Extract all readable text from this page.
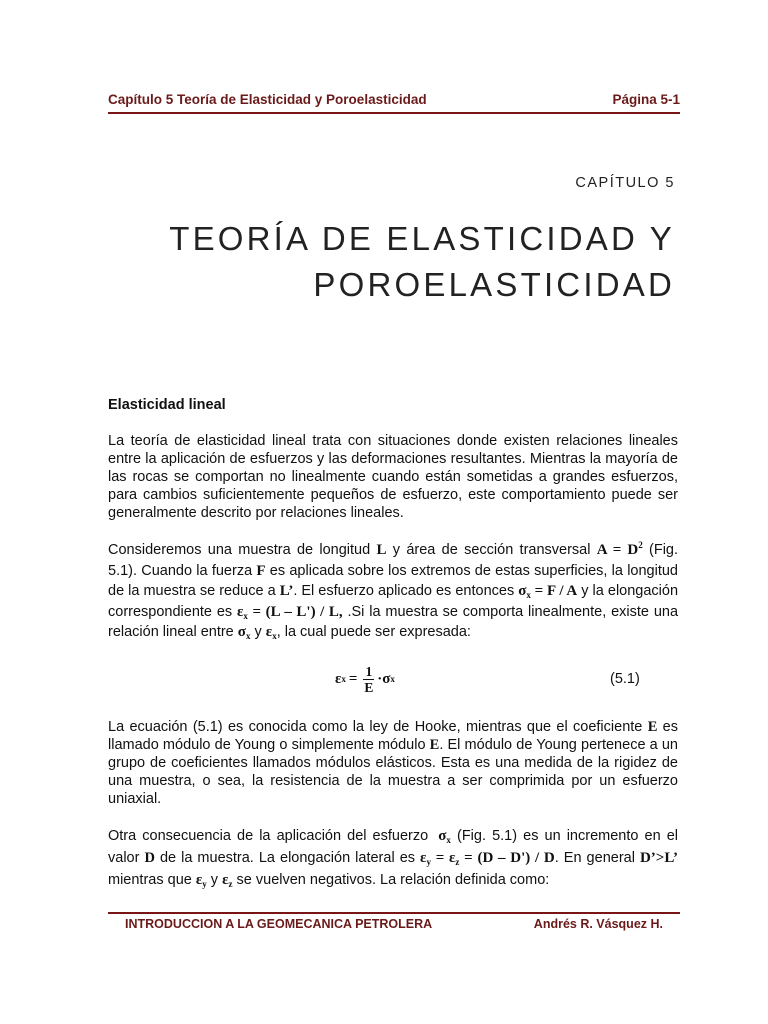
Capítulo 5 Teoría de Elasticidad y Poroelasticidad	Página 5-1
CAPÍTULO 5
TEORÍA DE ELASTICIDAD Y
POROELASTICIDAD
Elasticidad lineal

La teoría de elasticidad lineal trata con situaciones donde existen relaciones lineales entre la aplicación de esfuerzos y las deformaciones resultantes. Mientras la mayoría de las rocas se comportan no linealmente cuando están sometidas a grandes esfuerzos, para cambios suficientemente pequeños de esfuerzo, este comportamiento puede ser generalmente descrito por relaciones lineales.

Consideremos una muestra de longitud L y área de sección transversal $A = D^2$ (Fig. 5.1). Cuando la fuerza F es aplicada sobre los extremos de estas superficies, la longitud de la muestra se reduce a L’. El esfuerzo aplicado es entonces $\sigma_x = F / A$ y la elongación correspondiente es $\varepsilon_x = (L - L') / L$, .Si la muestra se comporta linealmente, existe una relación lineal entre $\sigma_x$ y $\varepsilon_x$, la cual puede ser expresada:

ε $x = \frac{1}{E} \cdot \sigma$ x	(5.1)

La ecuación (5.1) es conocida como la ley de Hooke, mientras que el coeficiente E es llamado módulo de Young o simplemente módulo E. El módulo de Young pertenece a un grupo de coeficientes llamados módulos elásticos. Esta es una medida de la rigidez de una muestra, o sea, la resistencia de la muestra a ser comprimida por un esfuerzo uniaxial.

Otra consecuencia de la aplicación del esfuerzo $\sigma_x$ (Fig. 5.1) es un incremento en el valor D de la muestra. La elongación lateral es $\varepsilon_y = \varepsilon_z = (D - D') / D$. En general D’>L’ mientras que $\varepsilon_y$ y $\varepsilon_z$ se vuelven negativos. La relación definida como:

INTRODUCCION A LA GEOMECANICA PETROLERA	Andrés R. Vásquez H.
